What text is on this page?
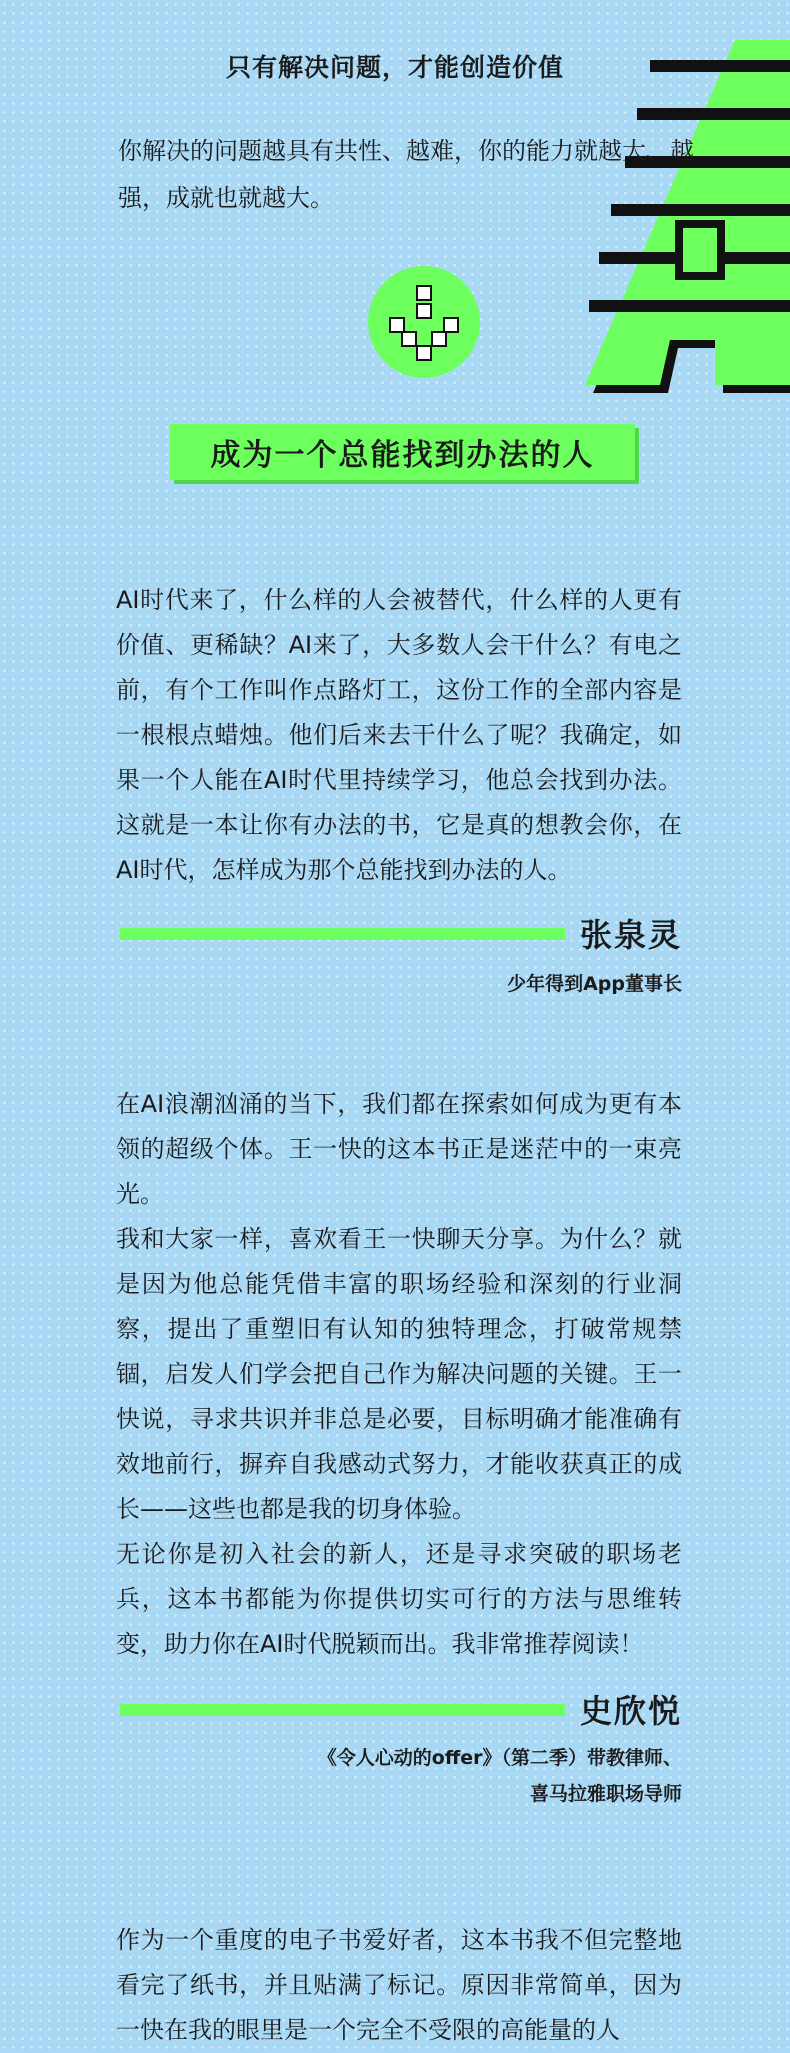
只有解决问题，才能创造价值
你解决的问题越具有共性、越难，你的能力就越大、越强，成就也就越大。
成为一个总能找到办法的人

AI时代来了，什么样的人会被替代，什么样的人更有价值、更稀缺？AI来了，大多数人会干什么？有电之前，有个工作叫作点路灯工，这份工作的全部内容是一根根点蜡烛。他们后来去干什么了呢？我确定，如果一个人能在AI时代里持续学习，他总会找到办法。这就是一本让你有办法的书，它是真的想教会你，在AI时代，怎样成为那个总能找到办法的人。

张泉灵
少年得到App董事长

在AI浪潮汹涌的当下，我们都在探索如何成为更有本领的超级个体。王一快的这本书正是迷茫中的一束亮光。

我和大家一样，喜欢看王一快聊天分享。为什么？就是因为他总能凭借丰富的职场经验和深刻的行业洞察，提出了重塑旧有认知的独特理念，打破常规禁锢，启发人们学会把自己作为解决问题的关键。王一快说，寻求共识并非总是必要，目标明确才能准确有效地前行，摒弃自我感动式努力，才能收获真正的成长——这些也都是我的切身体验。

无论你是初入社会的新人，还是寻求突破的职场老兵，这本书都能为你提供切实可行的方法与思维转变，助力你在AI时代脱颖而出。我非常推荐阅读！

史欣悦
《令人心动的offer》（第二季）带教律师、
喜马拉雅职场导师

作为一个重度的电子书爱好者，这本书我不但完整地看完了纸书，并且贴满了标记。原因非常简单，因为一快在我的眼里是一个完全不受限的高能量的人
